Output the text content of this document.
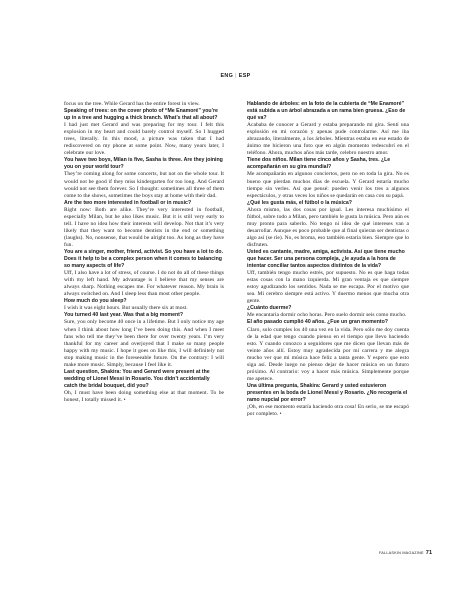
ENG | ESP

focus on the tree. While Gerard has the entire forest in view.

Speaking of trees: on the cover photo of “Me Enamoré” you’re up in a tree and hugging a thick branch. What’s that all about?

I had just met Gerard and was preparing for my tour. I felt this explosion in my heart and could barely control myself. So I hugged trees, literally. In this mood, a picture was taken that I had rediscovered on my phone at some point. Now, many years later, I celebrate our love.

You have two boys, Milan is five, Sasha is three. Are they joining you on your world tour?

They’re coming along for some concerts, but not on the whole tour. It would not be good if they miss kindergarten for too long. And Gerard would not see them forever. So I thought: sometimes all three of them come to the shows, sometimes the boys stay at home with their dad.

Are the two more interested in football or in music?

Right now: Both are alike. They’re very interested in football, especially Milan, but he also likes music. But it is still very early to tell. I have no idea how their interests will develop. Not that it’s very likely that they want to become dentists in the end or something (laughs). No, nonsense, that would be alright too. As long as they have fun.

You are a singer, mother, friend, activist. So you have a lot to do. Does it help to be a complex person when it comes to balancing so many aspects of life?

Uff, I also have a lot of stress, of course. I do not do all of these things with my left hand. My advantage is I believe that my senses are always sharp. Nothing escapes me. For whatever reason. My brain is always switched on. And I sleep less than most other people.

How much do you sleep?

I wish it was eight hours. But usually there six at most.

You turned 40 last year. Was that a big moment?

Sure, you only become 40 once in a lifetime. But I only notice my age when I think about how long I’ve been doing this. And when I meet fans who tell me they’ve been there for over twenty years. I’m very thankful for my career and overjoyed that I make so many people happy with my music. I hope it goes on like this, I will definitely not stop making music in the foreseeable future. On the contrary: I will make more music. Simply, because I feel like it.

Last question, Shakira: You and Gerard were present at the wedding of Lionel Messi in Rosario. You didn’t accidentally catch the bridal bouquet, did you?

Oh, I must have been doing something else at that moment. To be honest, I totally missed it. •

Hablando de árboles: en la foto de la cubierta de “Me Enamoré” está subida a un árbol abrazada a un rama bien gruesa. ¿Eso de qué va?

Acababa de conocer a Gerard y estaba preparando mi gira. Sentí una explosión en mi corazón y apenas pude controlarme. Así me iba abrazando, literalmente, a los árboles. Mientras estaba en ese estado de ánimo me hicieron una foto que en algún momento redescubrí en el teléfono. Ahora, muchos años más tarde, celebro nuestro amor.

Tiene dos niños. Milan tiene cinco años y Sasha, tres. ¿Le acompañarán en su gira mundial?

Me acompañarán en algunos conciertos, pero no en toda la gira. No es bueno que pierdan muchos días de escuela. Y Gerard estaría mucho tiempo sin verles. Así que pensé: pueden venir los tres a algunos espectáculos, y otras veces los niños se quedarán en casa con su papá.

¿Qué les gusta más, el fútbol o la música?

Ahora mismo, las dos cosas por igual. Les interesa muchísimo el fútbol, sobre todo a Milan, pero también le gusta la música. Pero aún es muy pronto para saberlo. No tengo ni idea de qué intereses van a desarrollar. Aunque es poco probable que al final quieran ser dentistas o algo así (se ríe). No, es broma, eso también estaría bien. Siempre que lo disfruten.

Usted es cantante, madre, amiga, activista. Así que tiene mucho que hacer. Ser una persona compleja, ¿le ayuda a la hora de intentar conciliar tantos aspectos distintos de la vida?

Uff, también tengo mucho estrés, por supuesto. No es que haga todas estas cosas con la mano izquierda. Mi gran ventaja es que siempre estoy agudizando los sentidos. Nada se me escapa. Por el motivo que sea. Mi cerebro siempre está activo. Y duermo menos que mucha otra gente.

¿Cuánto duerme?

Me encantaría dormir ocho horas. Pero suelo dormir seis como mucho.

El año pasado cumplió 40 años. ¿Fue un gran momento?

Claro, solo cumples los 40 una vez en la vida. Pero sólo me doy cuenta de la edad que tengo cuando pienso en el tiempo que llevo haciendo esto. Y cuando conozco a seguidores que me dicen que llevan más de veinte años allí. Estoy muy agradecida por mi carrera y me alegra mucho ver que mi música hace feliz a tanta gente. Y espero que esto siga así. Desde luego no pienso dejar de hacer música en un futuro próximo. Al contrario: voy a hacer más música. Simplemente porque me apetece.

Una última pregunta, Shakira: Gerard y usted estuvieron presentes en la boda de Lionel Messi y Rosario. ¿No recogería el ramo nupcial por error?

¡Oh, en ese momento estaría haciendo otra cosa! En serio, se me escapó por completo. •

FALLASKIN MAGAZINE 71
